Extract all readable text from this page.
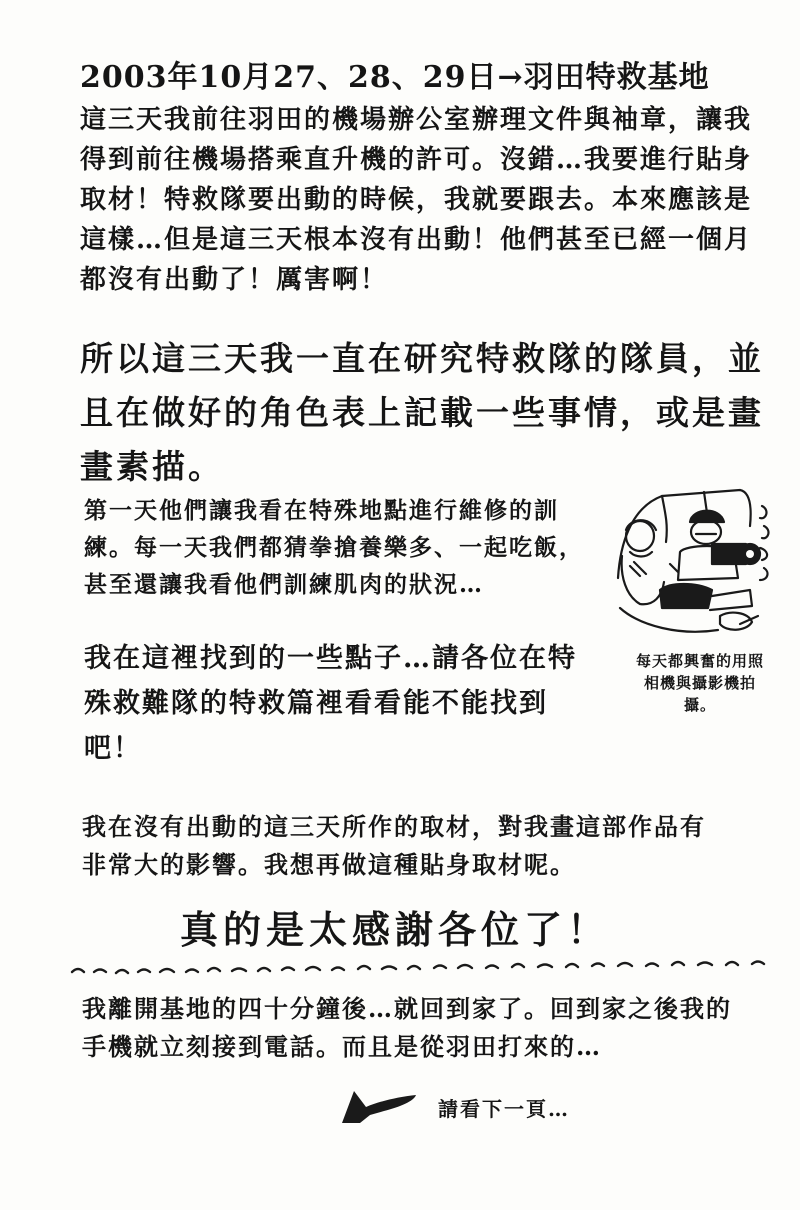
2003年10月27、28、29日→羽田特救基地
這三天我前往羽田的機場辦公室辦理文件與袖章，讓我得到前往機場搭乘直升機的許可。沒錯…我要進行貼身取材！特救隊要出動的時候，我就要跟去。本來應該是這樣…但是這三天根本沒有出動！他們甚至已經一個月都沒有出動了！厲害啊！
所以這三天我一直在研究特救隊的隊員，並且在做好的角色表上記載一些事情，或是畫畫素描。
第一天他們讓我看在特殊地點進行維修的訓練。每一天我們都猜拳搶養樂多、一起吃飯，甚至還讓我看他們訓練肌肉的狀況…
我在這裡找到的一些點子…請各位在特殊救難隊的特救篇裡看看能不能找到吧！
每天都興奮的用照相機與攝影機拍攝。
我在沒有出動的這三天所作的取材，對我畫這部作品有非常大的影響。我想再做這種貼身取材呢。
真的是太感謝各位了！
我離開基地的四十分鐘後…就回到家了。回到家之後我的手機就立刻接到電話。而且是從羽田打來的…
請看下一頁…
